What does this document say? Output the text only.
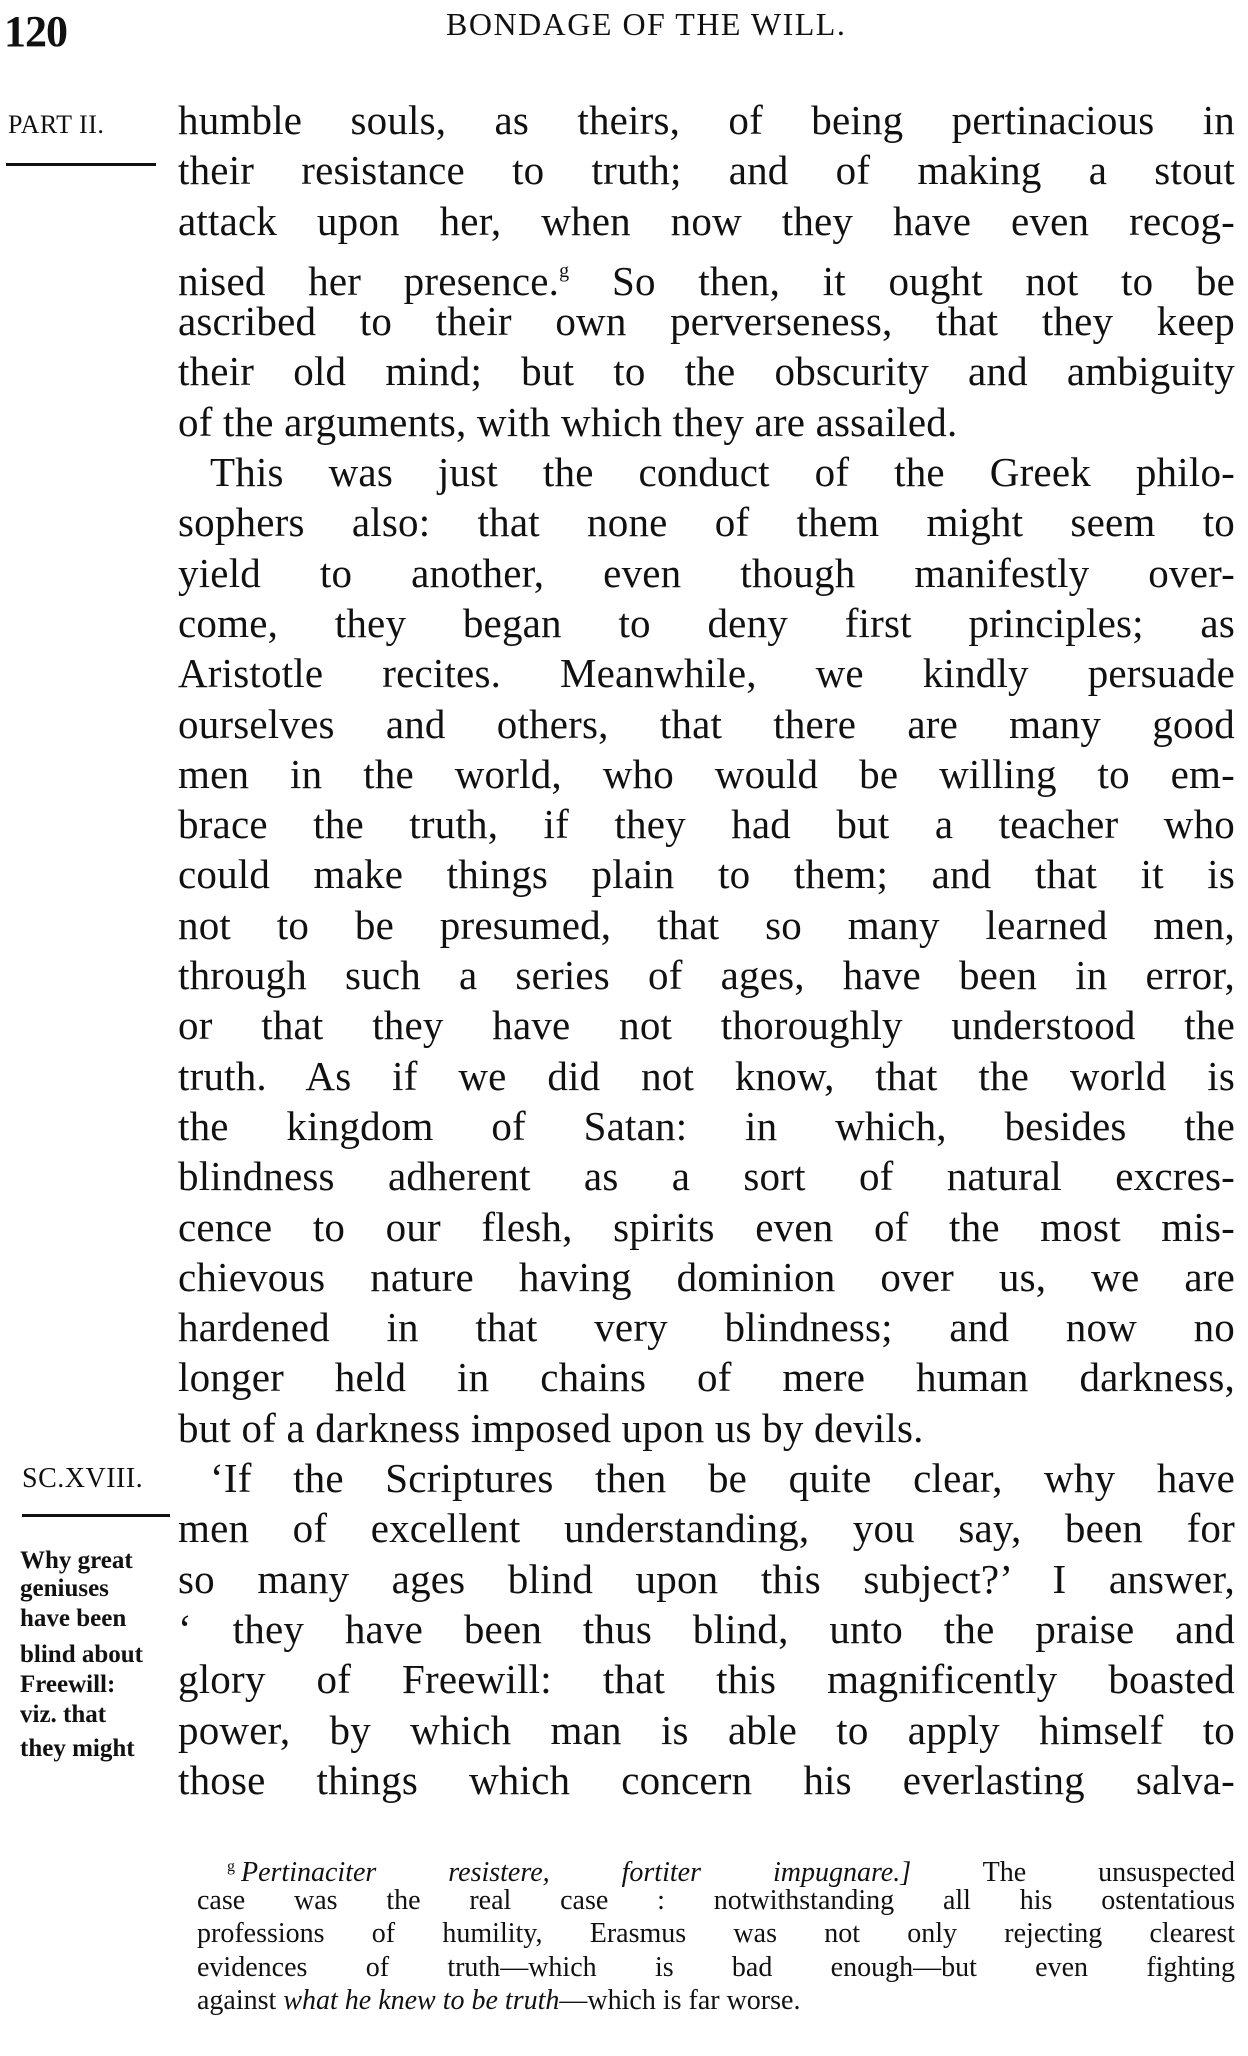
120	BONDAGE OF THE WILL.
PART II.
SC.XVIII.
Why great
geniuses
have been
blind about
Freewill:
viz. that
they might
humble souls, as theirs, of being pertinacious in
their resistance to truth; and of making a stout
attack upon her, when now they have even recog-
nised her presence.$^g$ So then, it ought not to be
ascribed to their own perverseness, that they keep
their old mind; but to the obscurity and ambiguity
of the arguments, with which they are assailed.
This was just the conduct of the Greek philo-
sophers also: that none of them might seem to
yield to another, even though manifestly over-
come, they began to deny first principles; as
Aristotle recites. Meanwhile, we kindly persuade
ourselves and others, that there are many good
men in the world, who would be willing to em-
brace the truth, if they had but a teacher who
could make things plain to them; and that it is
not to be presumed, that so many learned men,
through such a series of ages, have been in error,
or that they have not thoroughly understood the
truth. As if we did not know, that the world is
the kingdom of Satan: in which, besides the
blindness adherent as a sort of natural excres-
cence to our flesh, spirits even of the most mis-
chievous nature having dominion over us, we are
hardened in that very blindness; and now no
longer held in chains of mere human darkness,
but of a darkness imposed upon us by devils.
‘If the Scriptures then be quite clear, why have
men of excellent understanding, you say, been for
so many ages blind upon this subject?’ I answer,
‘ they have been thus blind, unto the praise and
glory of Freewill: that this magnificently boasted
power, by which man is able to apply himself to
those things which concern his everlasting salva-
$^g$ Pertinaciter resistere, fortiter impugnare.]	The unsuspected
case was the real case : notwithstanding all his ostentatious
professions of humility, Erasmus was not only rejecting clearest
evidences of truth—which is bad enough—but even fighting
against what he knew to be truth—which is far worse.
